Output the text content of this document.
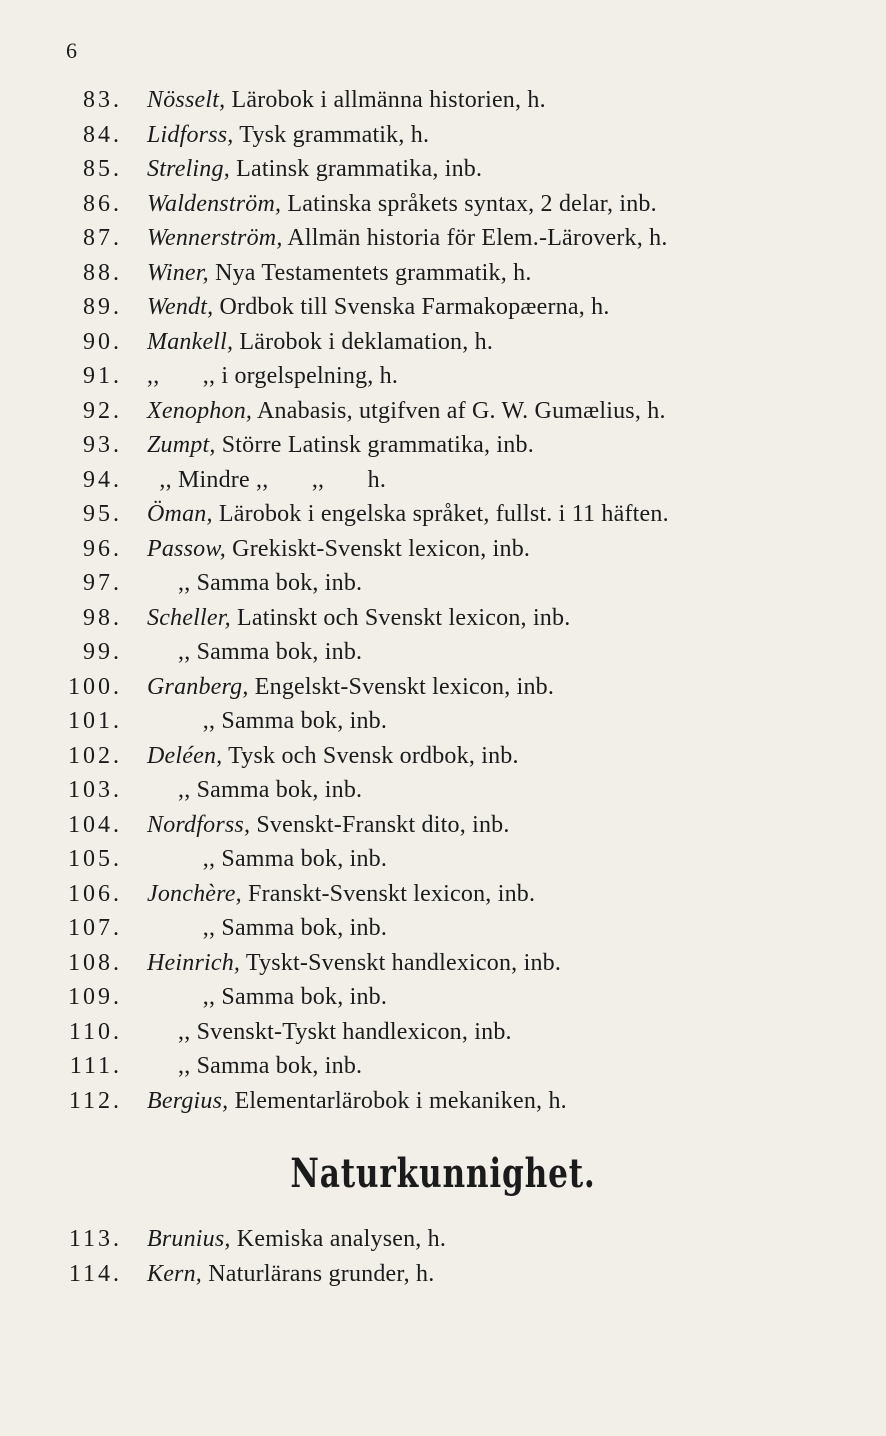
6
83. Nösselt, Lärobok i allmänna historien, h.
84. Lidforss, Tysk grammatik, h.
85. Streling, Latinsk grammatika, inb.
86. Waldenström, Latinska språkets syntax, 2 delar, inb.
87. Wennerström, Allmän historia för Elem.-Läroverk, h.
88. Winer, Nya Testamentets grammatik, h.
89. Wendt, Ordbok till Svenska Farmakopæerna, h.
90. Mankell, Lärobok i deklamation, h.
91. ,,       ,, i orgelspelning, h.
92. Xenophon, Anabasis, utgifven af G. W. Gumælius, h.
93. Zumpt, Större Latinsk grammatika, inb.
94. ,, Mindre ,,       ,,       h.
95. Öman, Lärobok i engelska språket, fullst. i 11 häften.
96. Passow, Grekiskt-Svenskt lexicon, inb.
97. ,, Samma bok, inb.
98. Scheller, Latinskt och Svenskt lexicon, inb.
99. ,, Samma bok, inb.
100. Granberg, Engelskt-Svenskt lexicon, inb.
101. ,, Samma bok, inb.
102. Deléen, Tysk och Svensk ordbok, inb.
103. ,, Samma bok, inb.
104. Nordforss, Svenskt-Franskt dito, inb.
105. ,, Samma bok, inb.
106. Jonchère, Franskt-Svenskt lexicon, inb.
107. ,, Samma bok, inb.
108. Heinrich, Tyskt-Svenskt handlexicon, inb.
109. ,, Samma bok, inb.
110. ,, Svenskt-Tyskt handlexicon, inb.
111. ,, Samma bok, inb.
112. Bergius, Elementarlärobok i mekaniken, h.
Naturkunnighet.
113. Brunius, Kemiska analysen, h.
114. Kern, Naturlärans grunder, h.
